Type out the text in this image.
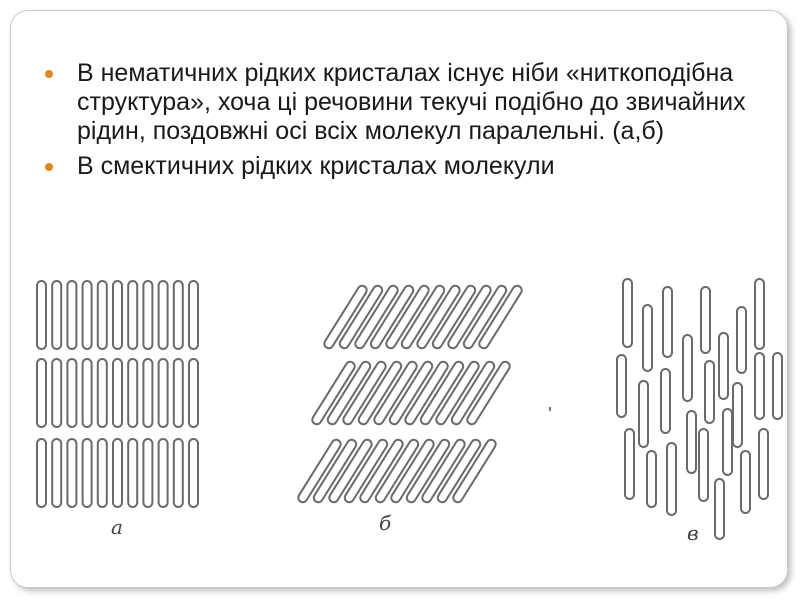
В нематичних рідких кристалах існує ніби «ниткоподібна структура», хоча ці речовини текучі подібно до звичайних рідин, поздовжні осі всіх молекул паралельні. (а,б)
В смектичних рідких кристалах молекули
а	б	в
